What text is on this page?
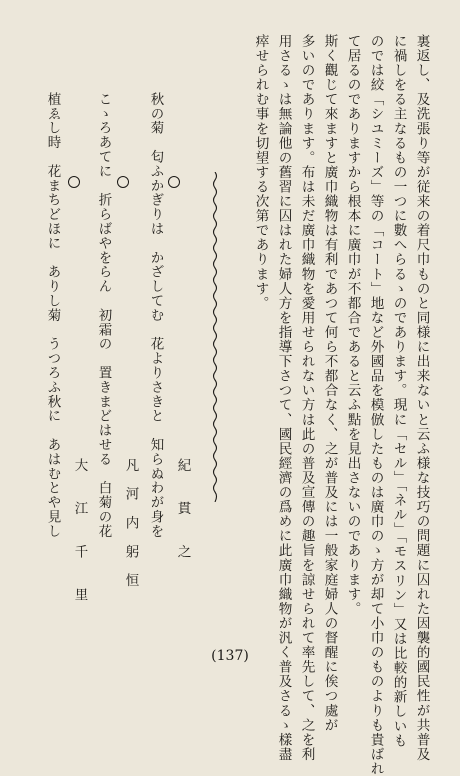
裏返し、及洗張り等が従来の着尺巾ものと同様に出来ないと云ふ様な技巧の問題に囚れた因襲的國民性が共普及
に禍しをる主なるもの一つに數へらるゝのであります。現に「セル」「ネル」「モスリン」又は比較的新しいも
のでは絞「シユミーズ」等の「コート」地など外國品を模倣したものは廣巾のゝ方が却て小巾のものよりも貴ばれ
て居るのでありますから根本に廣巾が不都合であると云ふ點を見出さないのであります。
斯く觀じて來ますと廣巾織物は有利であつて何ら不都合なく、之が普及には一般家庭婦人の督醒に俟つ處が
多いのであります。布は未だ廣巾織物を愛用せられない方は此の普及宣傳の趣旨を諒せられて率先して、之を利
用さるゝは無論他の舊習に囚はれた婦人方を指導下さつて、國民經濟の爲めに此廣巾織物が汎く普及さるゝ樣盡
瘁せられむ事を切望する次第であります。
秋の菊　匂ふかぎりは　かざしてむ　花よりさきと　知らぬわが身を 紀　　貫　　之
こゝろあてに　折らばやをらん　初霜の　置きまどはせる　白菊の花 凡　河　内　躬　恒
植ゑし時　花まちどほに　ありし菊　うつろふ秋に　あはむとや見し 大　　江　　千　　里
(137)
